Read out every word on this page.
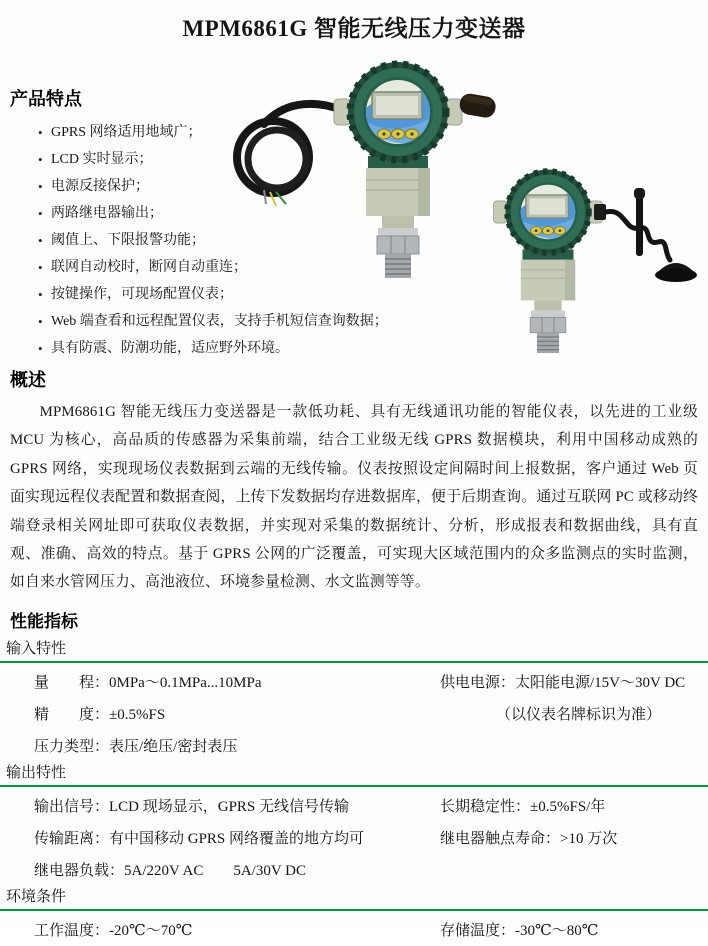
MPM6861G 智能无线压力变送器
产品特点
• GPRS 网络适用地域广；
• LCD 实时显示；
• 电源反接保护；
• 两路继电器输出；
• 阈值上、下限报警功能；
• 联网自动校时，断网自动重连；
• 按键操作，可现场配置仪表；
• Web 端查看和远程配置仪表，支持手机短信查询数据；
• 具有防震、防潮功能，适应野外环境。
概述

MPM6861G 智能无线压力变送器是一款低功耗、具有无线通讯功能的智能仪表，以先进的工业级 MCU 为核心，高品质的传感器为采集前端，结合工业级无线 GPRS 数据模块，利用中国移动成熟的 GPRS 网络，实现现场仪表数据到云端的无线传输。仪表按照设定间隔时间上报数据，客户通过 Web 页面实现远程仪表配置和数据查阅，上传下发数据均存进数据库，便于后期查询。通过互联网 PC 或移动终端登录相关网址即可获取仪表数据，并实现对采集的数据统计、分析，形成报表和数据曲线，具有直观、准确、高效的特点。基于 GPRS 公网的广泛覆盖，可实现大区域范围内的众多监测点的实时监测，如自来水管网压力、高池液位、环境参量检测、水文监测等等。

性能指标
输入特性
量　　程：0MPa～0.1MPa...10MPa	供电电源：太阳能电源/15V～30V DC
精　　度：±0.5%FS	（以仪表名牌标识为准）
压力类型：表压/绝压/密封表压
输出特性
输出信号：LCD 现场显示，GPRS 无线信号传输	长期稳定性：±0.5%FS/年
传输距离：有中国移动 GPRS 网络覆盖的地方均可	继电器触点寿命：>10 万次
继电器负载：5A/220V AC　　5A/30V DC
环境条件
工作温度：-20℃～70℃	存储温度：-30℃～80℃
